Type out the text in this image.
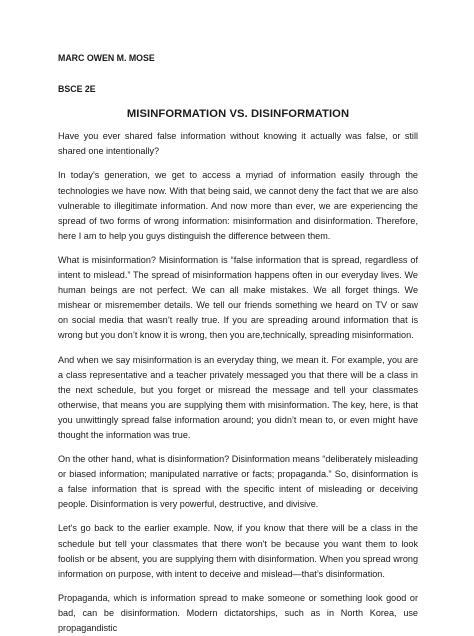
MARC OWEN M. MOSE
BSCE 2E
MISINFORMATION VS. DISINFORMATION
Have you ever shared false information without knowing it actually was false, or still shared one intentionally?
In today's generation, we get to access a myriad of information easily through the technologies we have now. With that being said, we cannot deny the fact that we are also vulnerable to illegitimate information. And now more than ever, we are experiencing the spread of two forms of wrong information: misinformation and disinformation. Therefore, here I am to help you guys distinguish the difference between them.
What is misinformation? Misinformation is “false information that is spread, regardless of intent to mislead.” The spread of misinformation happens often in our everyday lives. We human beings are not perfect. We can all make mistakes. We all forget things. We mishear or misremember details. We tell our friends something we heard on TV or saw on social media that wasn’t really true. If you are spreading around information that is wrong but you don’t know it is wrong, then you are,technically, spreading misinformation.
And when we say misinformation is an everyday thing, we mean it. For example, you are a class representative and a teacher privately messaged you that there will be a class in the next schedule, but you forget or misread the message and tell your classmates otherwise, that means you are supplying them with misinformation. The key, here, is that you unwittingly spread false information around; you didn’t mean to, or even might have thought the information was true.
On the other hand, what is disinformation? Disinformation means “deliberately misleading or biased information; manipulated narrative or facts; propaganda.” So, disinformation is a false information that is spread with the specific intent of misleading or deceiving people. Disinformation is very powerful, destructive, and divisive.
Let's go back to the earlier example. Now, if you know that there will be a class in the schedule but tell your classmates that there won't be because you want them to look foolish or be absent, you are supplying them with disinformation. When you spread wrong information on purpose, with intent to deceive and mislead—that’s disinformation.
Propaganda, which is information spread to make someone or something look good or bad, can be disinformation. Modern dictatorships, such as in North Korea, use propagandistic
